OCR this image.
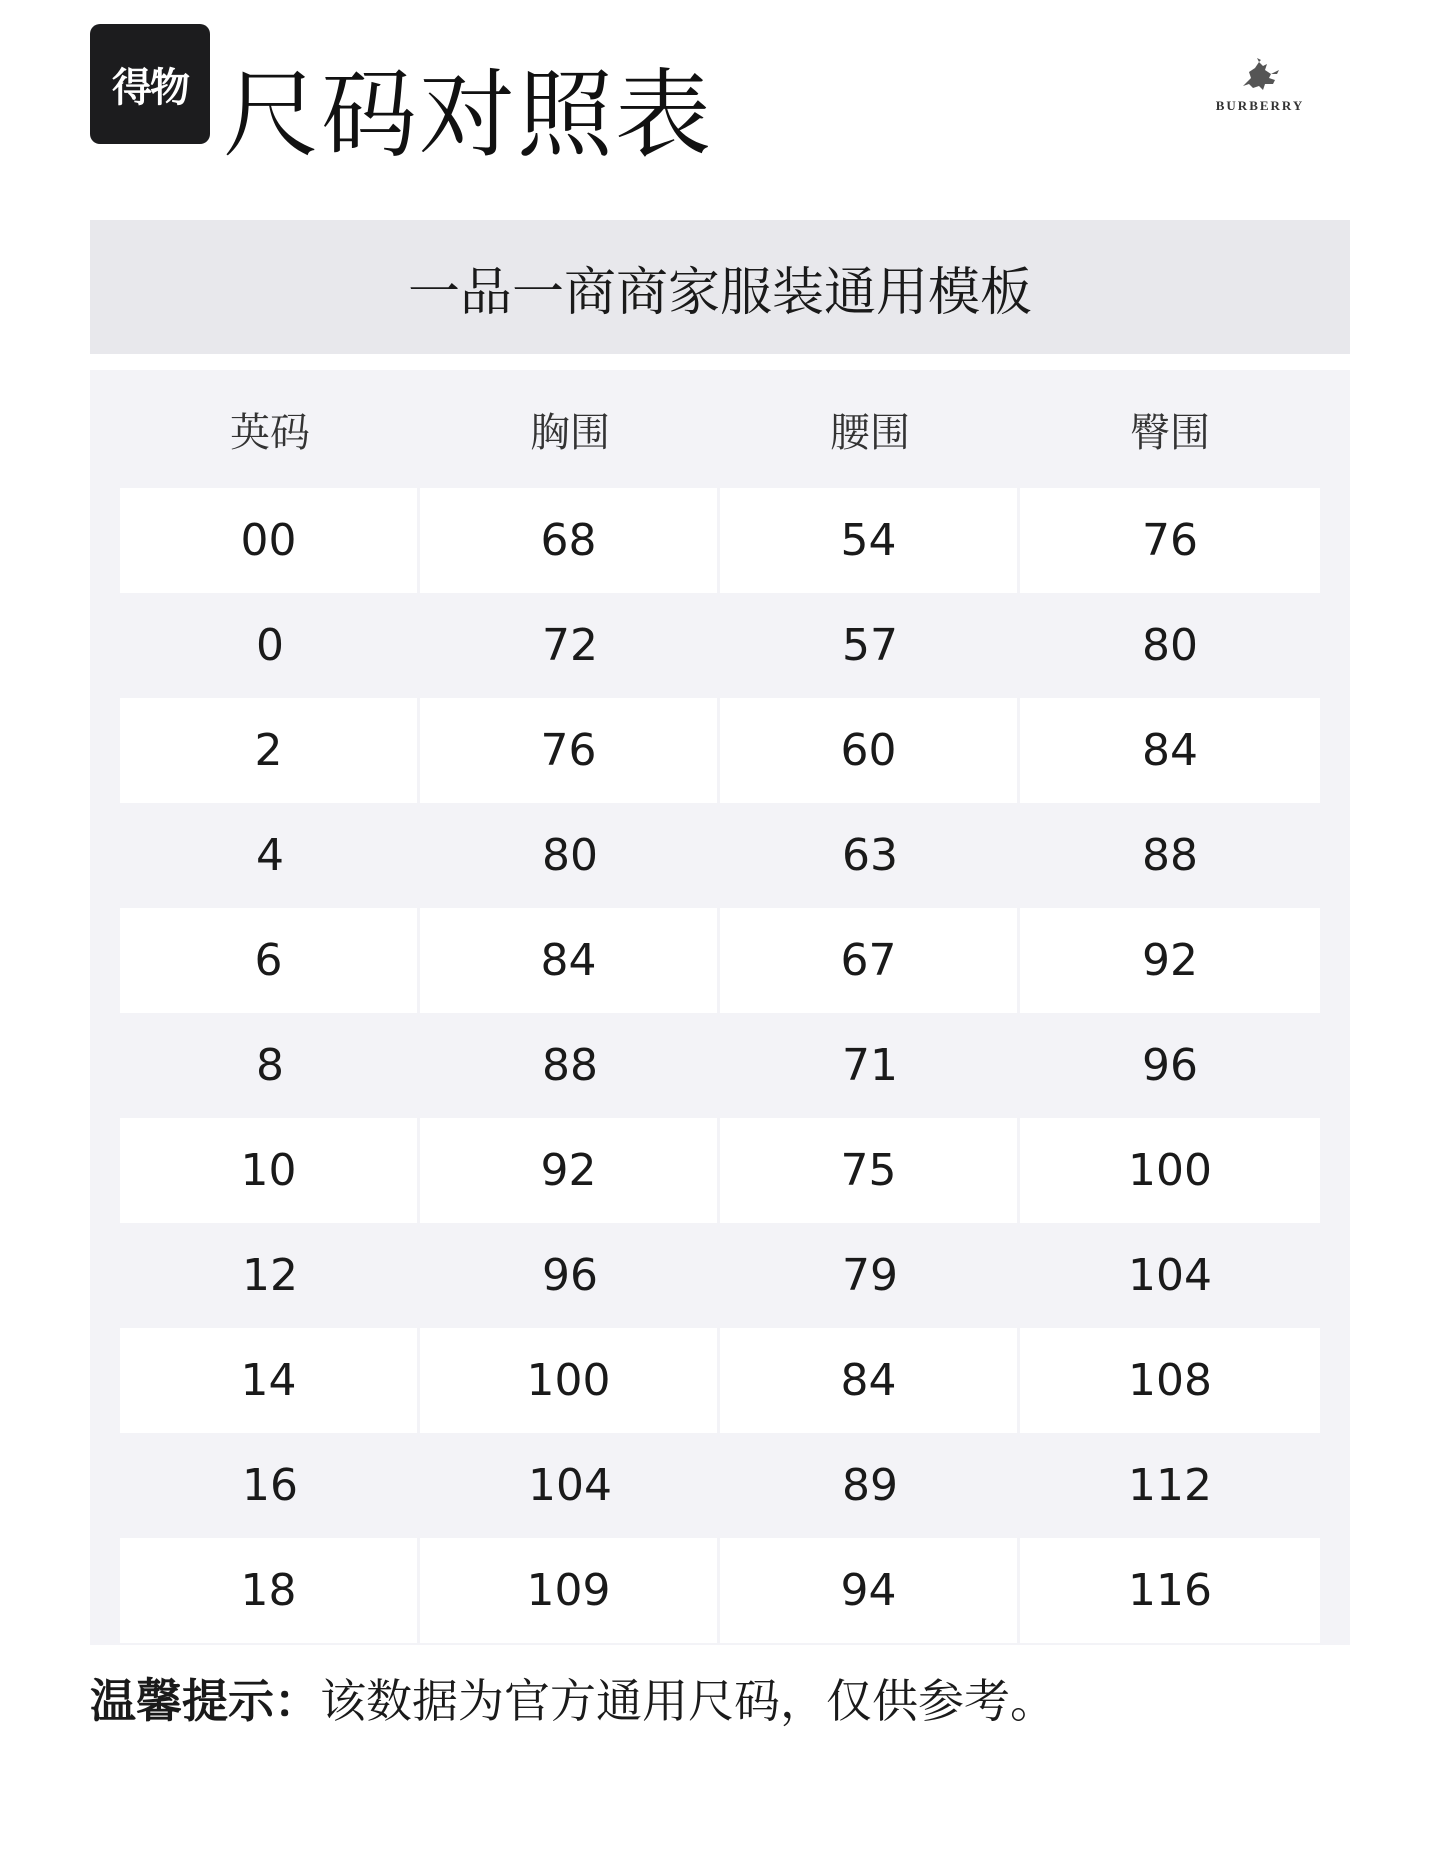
得物 尺码对照表	BURBERRY
一品一商商家服装通用模板
英码	胸围	腰围	臀围
00	68	54	76
0	72	57	80
2	76	60	84
4	80	63	88
6	84	67	92
8	88	71	96
10	92	75	100
12	96	79	104
14	100	84	108
16	104	89	112
18	109	94	116
温馨提示：该数据为官方通用尺码，仅供参考。
